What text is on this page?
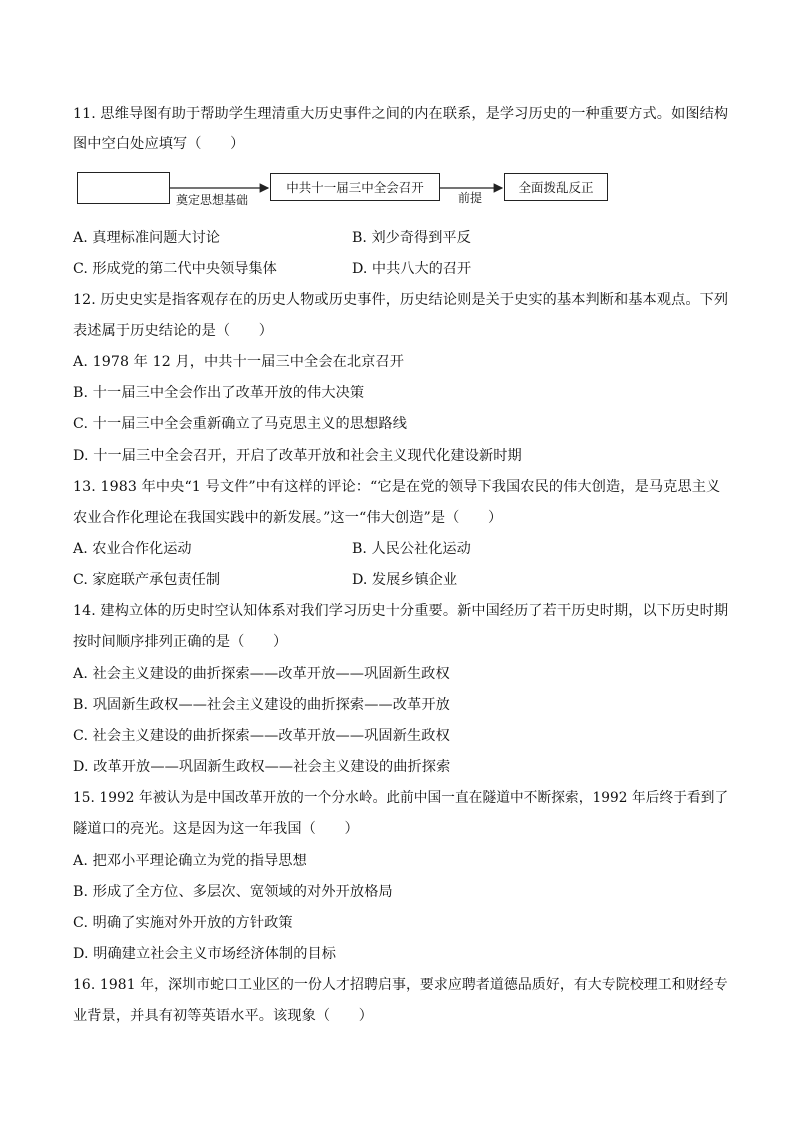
11. 思维导图有助于帮助学生理清重大历史事件之间的内在联系，是学习历史的一种重要方式。如图结构
图中空白处应填写（　　）
奠定思想基础
中共十一届三中全会召开
前提
全面拨乱反正
A. 真理标准问题大讨论	B. 刘少奇得到平反
C. 形成党的第二代中央领导集体	D. 中共八大的召开
12. 历史史实是指客观存在的历史人物或历史事件，历史结论则是关于史实的基本判断和基本观点。下列
表述属于历史结论的是（　　）
A. 1978 年 12 月，中共十一届三中全会在北京召开
B. 十一届三中全会作出了改革开放的伟大决策
C. 十一届三中全会重新确立了马克思主义的思想路线
D. 十一届三中全会召开，开启了改革开放和社会主义现代化建设新时期
13. 1983 年中央“1 号文件”中有这样的评论：“它是在党的领导下我国农民的伟大创造，是马克思主义
农业合作化理论在我国实践中的新发展。”这一“伟大创造”是（　　）
A. 农业合作化运动	B. 人民公社化运动
C. 家庭联产承包责任制	D. 发展乡镇企业
14. 建构立体的历史时空认知体系对我们学习历史十分重要。新中国经历了若干历史时期，以下历史时期
按时间顺序排列正确的是（　　）
A. 社会主义建设的曲折探索——改革开放——巩固新生政权
B. 巩固新生政权——社会主义建设的曲折探索——改革开放
C. 社会主义建设的曲折探索——改革开放——巩固新生政权
D. 改革开放——巩固新生政权——社会主义建设的曲折探索
15. 1992 年被认为是中国改革开放的一个分水岭。此前中国一直在隧道中不断探索，1992 年后终于看到了
隧道口的亮光。这是因为这一年我国（　　）
A. 把邓小平理论确立为党的指导思想
B. 形成了全方位、多层次、宽领域的对外开放格局
C. 明确了实施对外开放的方针政策
D. 明确建立社会主义市场经济体制的目标
16. 1981 年，深圳市蛇口工业区的一份人才招聘启事，要求应聘者道德品质好，有大专院校理工和财经专
业背景，并具有初等英语水平。该现象（　　）
